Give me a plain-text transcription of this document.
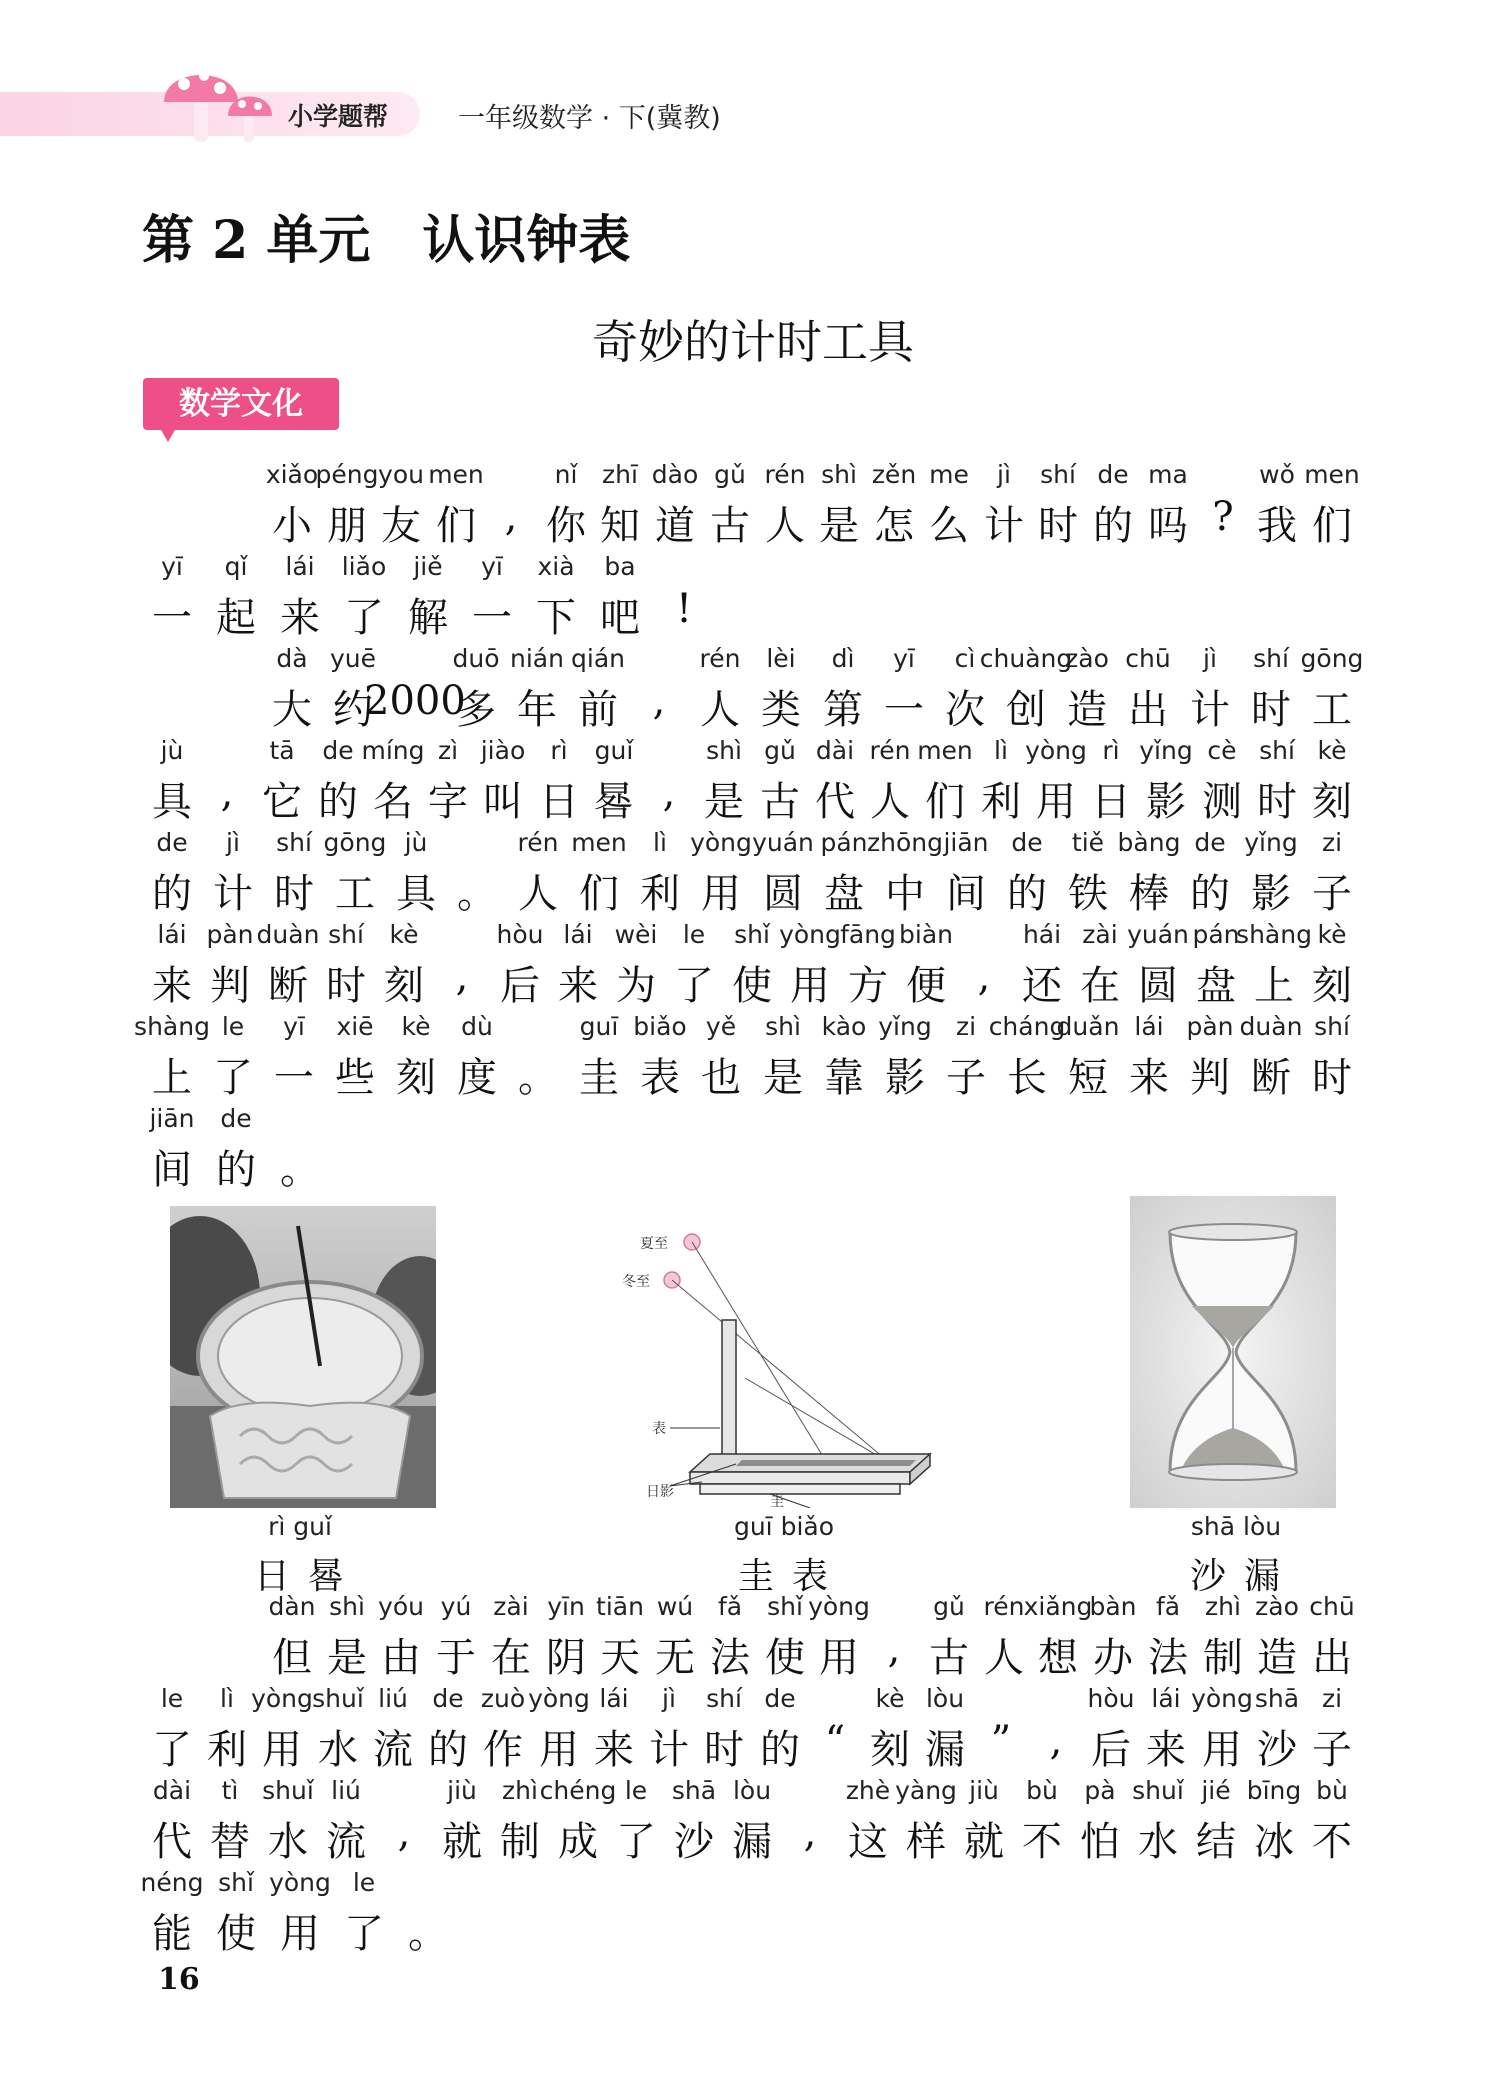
小学题帮	一年级数学 · 下(冀教)
第 2 单元　认识钟表
奇妙的计时工具
数学文化
xiǎo
小
péng
朋
you
友
men
们 ,
nǐ
你
zhī
知
dào
道
gǔ
古
rén
人
shì
是
zěn
怎
me
么
jì
计
shí
时
de
的
ma
吗 ?
wǒ
我
men
们
yī
一
qǐ
起
lái
来
liǎo
了
jiě
解
yī
一
xià
下
ba
吧 !
dà
大
yuē
约
2000
duō
多
nián
年
qián
前 ,
rén
人
lèi
类
dì
第
yī
一
cì
次
chuàng
创
zào
造
chū
出
jì
计
shí
时
gōng
工
jù
具 ,
tā
它
de
的
míng
名
zì
字
jiào
叫
rì
日
guǐ
晷 ,
shì
是
gǔ
古
dài
代
rén
人
men
们
lì
利
yòng
用
rì
日
yǐng
影
cè
测
shí
时
kè
刻
de
的
jì
计
shí
时
gōng
工
jù
具 。
rén
人
men
们
lì
利
yòng
用
yuán
圆
pán
盘
zhōng
中
jiān
间
de
的
tiě
铁
bàng
棒
de
的
yǐng
影
zi
子
lái
来
pàn
判
duàn
断
shí
时
kè
刻 ,
hòu
后
lái
来
wèi
为
le
了
shǐ
使
yòng
用
fāng
方
biàn
便 ,
hái
还
zài
在
yuán
圆
pán
盘
shàng
上
kè
刻
shàng
上
le
了
yī
一
xiē
些
kè
刻
dù
度 。
guī
圭
biǎo
表
yě
也
shì
是
kào
靠
yǐng
影
zi
子
cháng
长
duǎn
短
lái
来
pàn
判
duàn
断
shí
时
jiān
间
de
的 。
dàn
但
shì
是
yóu
由
yú
于
zài
在
yīn
阴
tiān
天
wú
无
fǎ
法
shǐ
使
yòng
用 ,
gǔ
古
rén
人
xiǎng
想
bàn
办
fǎ
法
zhì
制
zào
造
chū
出
le
了
lì
利
yòng
用
shuǐ
水
liú
流
de
的
zuò
作
yòng
用
lái
来
jì
计
shí
时
de
的 “
kè
刻
lòu
漏 ” ,
hòu
后
lái
来
yòng
用
shā
沙
zi
子
dài
代
tì
替
shuǐ
水
liú
流 ,
jiù
就
zhì
制
chéng
成
le
了
shā
沙
lòu
漏 ,
zhè
这
yàng
样
jiù
就
bù
不
pà
怕
shuǐ
水
jié
结
bīng
冰
bù
不
néng
能
shǐ
使
yòng
用
le
了 。
夏至
冬至
表
日影
圭
rì guǐ
日晷
guī biǎo
圭表
shā lòu
沙漏
16
